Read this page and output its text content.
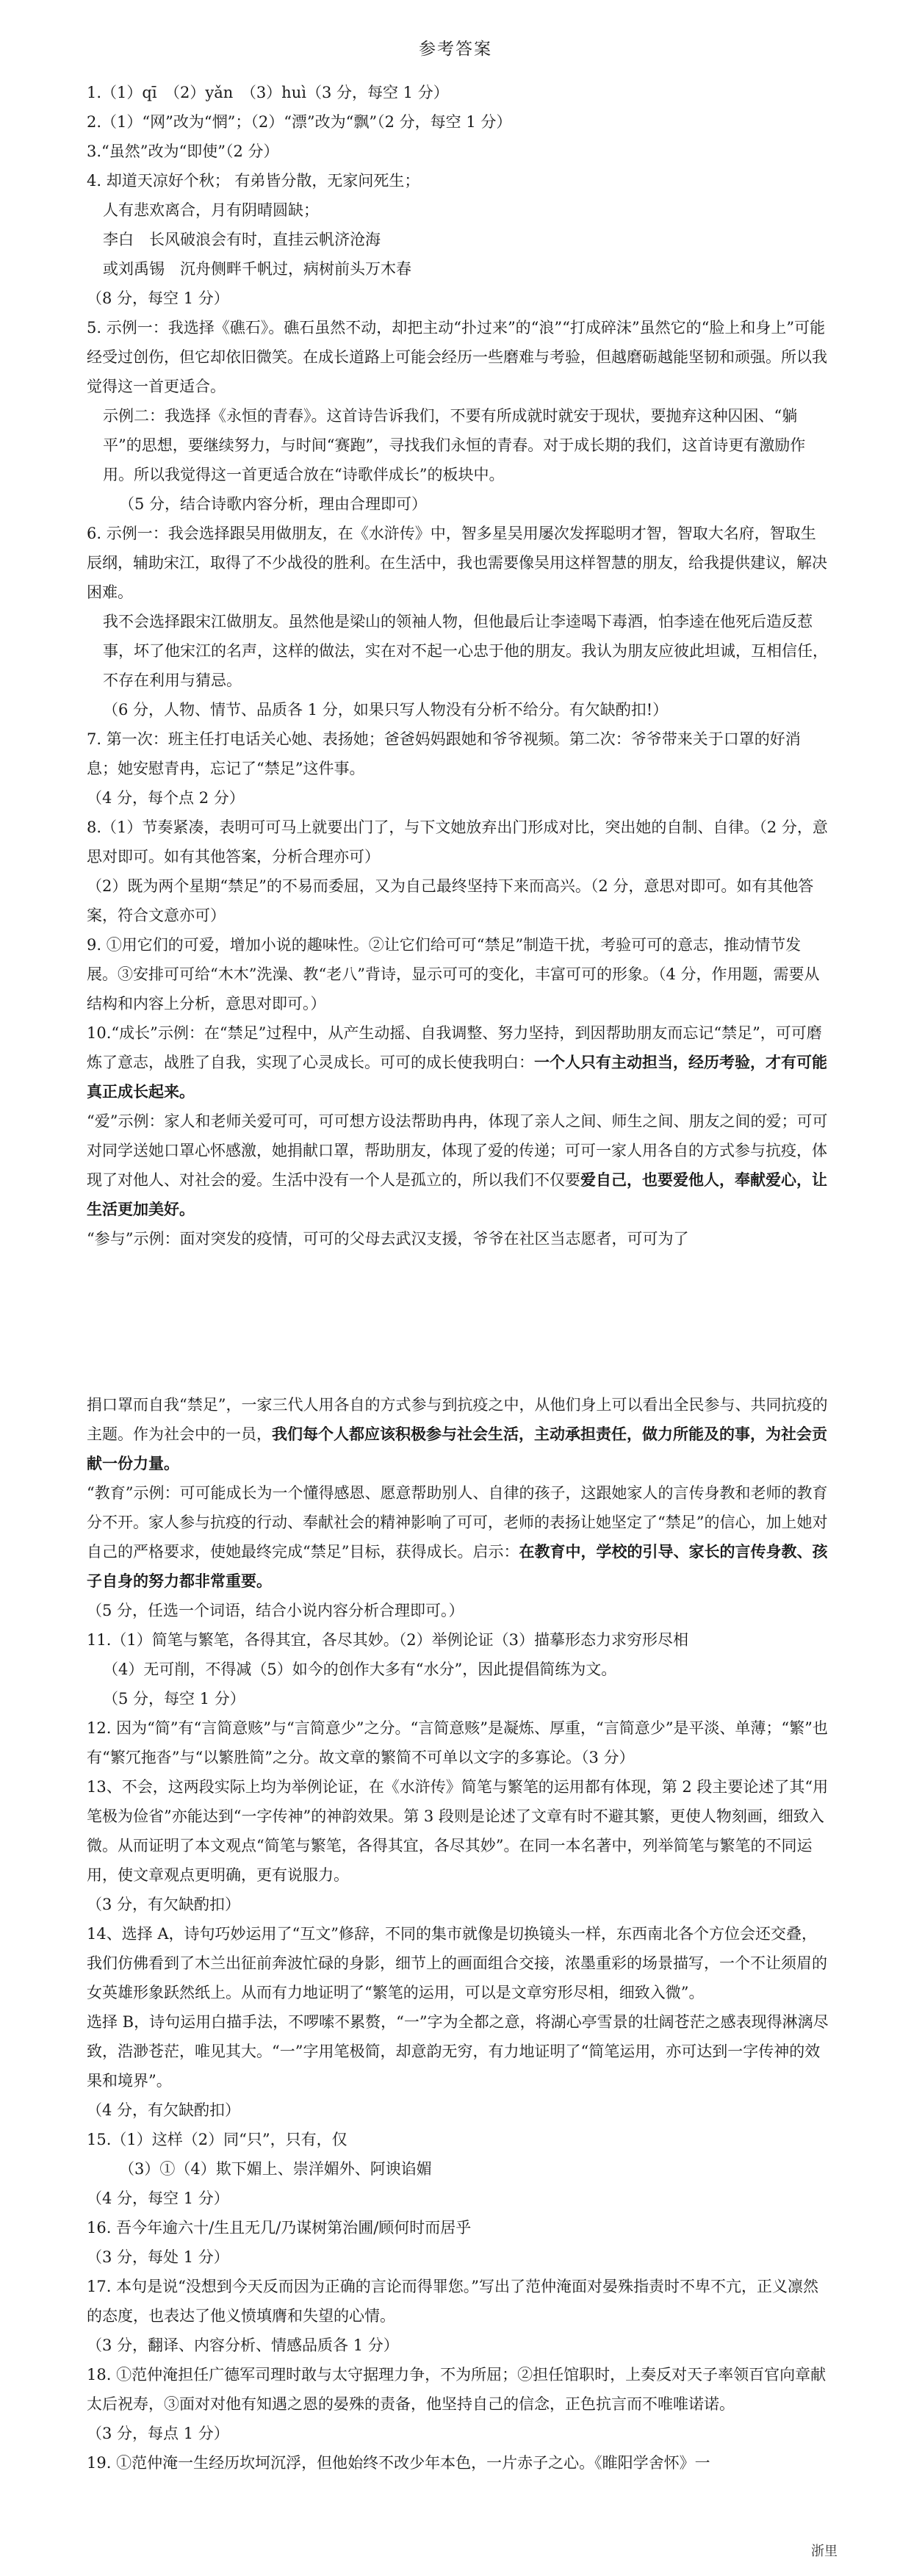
参考答案
1.（1）qī　（2）yǎn　（3）huì（3 分，每空 1 分）
2.（1）“网”改为“惘”；（2）“漂”改为“飘”（2 分，每空 1 分）
3.“虽然”改为“即使”（2 分）
4. 却道天凉好个秋； 有弟皆分散，无家问死生；
人有悲欢离合，月有阴晴圆缺；
李白　长风破浪会有时，直挂云帆济沧海
或刘禹锡　沉舟侧畔千帆过，病树前头万木春
（8 分，每空 1 分）
5. 示例一：我选择《礁石》。礁石虽然不动，却把主动“扑过来”的“浪”“打成碎沫”虽然它的“脸上和身上”可能经受过创伤，但它却依旧微笑。在成长道路上可能会经历一些磨难与考验，但越磨砺越能坚韧和顽强。所以我觉得这一首更适合。
示例二：我选择《永恒的青春》。这首诗告诉我们，不要有所成就时就安于现状，要抛弃这种囚困、“躺平”的思想，要继续努力，与时间“赛跑”，寻找我们永恒的青春。对于成长期的我们，这首诗更有激励作用。所以我觉得这一首更适合放在“诗歌伴成长”的板块中。
（5 分，结合诗歌内容分析，理由合理即可）
6. 示例一：我会选择跟吴用做朋友，在《水浒传》中，智多星吴用屡次发挥聪明才智，智取大名府，智取生辰纲，辅助宋江，取得了不少战役的胜利。在生活中，我也需要像吴用这样智慧的朋友，给我提供建议，解决困难。
我不会选择跟宋江做朋友。虽然他是梁山的领袖人物，但他最后让李逵喝下毒酒，怕李逵在他死后造反惹事，坏了他宋江的名声，这样的做法，实在对不起一心忠于他的朋友。我认为朋友应彼此坦诚，互相信任，不存在利用与猜忌。
（6 分，人物、情节、品质各 1 分，如果只写人物没有分析不给分。有欠缺酌扣!）
7. 第一次：班主任打电话关心她、表扬她；爸爸妈妈跟她和爷爷视频。第二次：爷爷带来关于口罩的好消息；她安慰青冉，忘记了“禁足”这件事。
（4 分，每个点 2 分）
8.（1）节奏紧凑，表明可可马上就要出门了，与下文她放弃出门形成对比，突出她的自制、自律。（2 分，意思对即可。如有其他答案，分析合理亦可）
（2）既为两个星期“禁足”的不易而委屈，又为自己最终坚持下来而高兴。（2 分，意思对即可。如有其他答案，符合文意亦可）
9. ①用它们的可爱，增加小说的趣味性。②让它们给可可“禁足”制造干扰，考验可可的意志，推动情节发展。③安排可可给“木木”洗澡、教“老八”背诗，显示可可的变化，丰富可可的形象。（4 分，作用题，需要从结构和内容上分析，意思对即可。）
10.“成长”示例：在“禁足”过程中，从产生动摇、自我调整、努力坚持，到因帮助朋友而忘记“禁足”，可可磨炼了意志，战胜了自我，实现了心灵成长。可可的成长使我明白：一个人只有主动担当，经历考验，才有可能真正成长起来。
“爱”示例：家人和老师关爱可可，可可想方设法帮助冉冉，体现了亲人之间、师生之间、朋友之间的爱；可可对同学送她口罩心怀感激，她捐献口罩，帮助朋友，体现了爱的传递；可可一家人用各自的方式参与抗疫，体现了对他人、对社会的爱。生活中没有一个人是孤立的，所以我们不仅要爱自己，也要爱他人，奉献爱心，让生活更加美好。
“参与”示例：面对突发的疫情，可可的父母去武汉支援，爷爷在社区当志愿者，可可为了
捐口罩而自我“禁足”，一家三代人用各自的方式参与到抗疫之中，从他们身上可以看出全民参与、共同抗疫的主题。作为社会中的一员，我们每个人都应该积极参与社会生活，主动承担责任，做力所能及的事，为社会贡献一份力量。
“教育”示例：可可能成长为一个懂得感恩、愿意帮助别人、自律的孩子，这跟她家人的言传身教和老师的教育分不开。家人参与抗疫的行动、奉献社会的精神影响了可可，老师的表扬让她坚定了“禁足”的信心，加上她对自己的严格要求，使她最终完成“禁足”目标，获得成长。启示：在教育中，学校的引导、家长的言传身教、孩子自身的努力都非常重要。
（5 分，任选一个词语，结合小说内容分析合理即可。）
11.（1）简笔与繁笔，各得其宜，各尽其妙。（2）举例论证（3）描摹形态力求穷形尽相
（4）无可削，不得减（5）如今的创作大多有“水分”，因此提倡简练为文。
（5 分，每空 1 分）
12. 因为“简”有“言简意赅”与“言简意少”之分。“言简意赅”是凝炼、厚重，“言简意少”是平淡、单薄；“繁”也有“繁冗拖沓”与“以繁胜简”之分。故文章的繁简不可单以文字的多寡论。（3 分）
13、不会，这两段实际上均为举例论证，在《水浒传》简笔与繁笔的运用都有体现，第 2 段主要论述了其“用笔极为俭省”亦能达到“一字传神”的神韵效果。第 3 段则是论述了文章有时不避其繁，更使人物刻画，细致入微。从而证明了本文观点“简笔与繁笔，各得其宜，各尽其妙”。在同一本名著中，列举简笔与繁笔的不同运用，使文章观点更明确，更有说服力。
（3 分，有欠缺酌扣）
14、选择 A，诗句巧妙运用了“互文”修辞，不同的集市就像是切换镜头一样，东西南北各个方位会还交叠，我们仿佛看到了木兰出征前奔波忙碌的身影，细节上的画面组合交接，浓墨重彩的场景描写，一个不让须眉的女英雄形象跃然纸上。从而有力地证明了“繁笔的运用，可以是文章穷形尽相，细致入微”。
选择 B，诗句运用白描手法，不啰嗦不累赘，“一”字为全都之意，将湖心亭雪景的壮阔苍茫之感表现得淋漓尽致，浩渺苍茫，唯见其大。“一”字用笔极简，却意韵无穷，有力地证明了“简笔运用，亦可达到一字传神的效果和境界”。
（4 分，有欠缺酌扣）
15.（1）这样（2）同“只”，只有，仅
（3）①（4）欺下媚上、崇洋媚外、阿谀谄媚
（4 分，每空 1 分）
16. 吾今年逾六十/生且无几/乃谋树第治圃/顾何时而居乎
（3 分，每处 1 分）
17. 本句是说“没想到今天反而因为正确的言论而得罪您。”写出了范仲淹面对晏殊指责时不卑不亢，正义凛然的态度，也表达了他义愤填膺和失望的心情。
（3 分，翻译、内容分析、情感品质各 1 分）
18. ①范仲淹担任广德军司理时敢与太守据理力争，不为所屈；②担任馆职时，上奏反对天子率领百官向章献太后祝寿，③面对对他有知遇之恩的晏殊的责备，他坚持自己的信念，正色抗言而不唯唯诺诺。
（3 分，每点 1 分）
19. ①范仲淹一生经历坎坷沉浮，但他始终不改少年本色，一片赤子之心。《睢阳学舍怀》一
浙里
